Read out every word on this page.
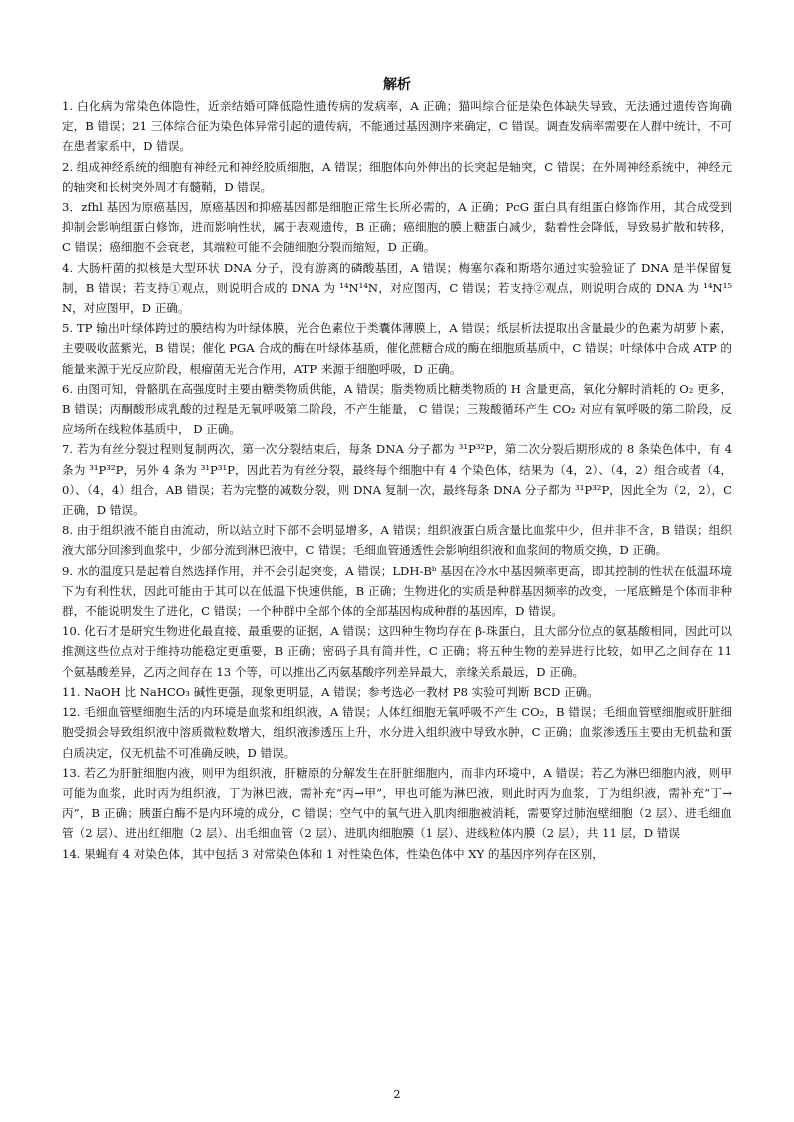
解析

1. 白化病为常染色体隐性，近亲结婚可降低隐性遗传病的发病率，A 正确；猫叫综合征是染色体缺失导致，无法通过遗传咨询确定，B 错误；21 三体综合征为染色体异常引起的遗传病，不能通过基因测序来确定，C 错误。调查发病率需要在人群中统计，不可在患者家系中，D 错误。

2. 组成神经系统的细胞有神经元和神经胶质细胞，A 错误；细胞体向外伸出的长突起是轴突，C 错误；在外周神经系统中，神经元的轴突和长树突外周才有髓鞘，D 错误。

3．zfhl 基因为原癌基因，原癌基因和抑癌基因都是细胞正常生长所必需的，A 正确；PcG 蛋白具有组蛋白修饰作用，其合成受到抑制会影响组蛋白修饰，进而影响性状，属于表观遗传，B 正确；癌细胞的膜上糖蛋白减少，黏着性会降低，导致易扩散和转移，C 错误；癌细胞不会衰老，其端粒可能不会随细胞分裂而缩短，D 正确。

4. 大肠杆菌的拟核是大型环状 DNA 分子，没有游离的磷酸基团，A 错误；梅塞尔森和斯塔尔通过实验验证了 DNA 是半保留复制，B 错误；若支持①观点，则说明合成的 DNA 为 ¹⁴N¹⁴N，对应图丙，C 错误；若支持②观点，则说明合成的 DNA 为 ¹⁴N¹⁵N，对应图甲，D 正确。

5. TP 输出叶绿体跨过的膜结构为叶绿体膜，光合色素位于类囊体薄膜上，A 错误；纸层析法提取出含量最少的色素为胡萝卜素，主要吸收蓝紫光，B 错误；催化 PGA 合成的酶在叶绿体基质，催化蔗糖合成的酶在细胞质基质中，C 错误；叶绿体中合成 ATP 的能量来源于光反应阶段，根瘤菌无光合作用，ATP 来源于细胞呼吸，D 正确。

6. 由图可知，骨骼肌在高强度时主要由糖类物质供能，A 错误；脂类物质比糖类物质的 H 含量更高，氧化分解时消耗的 O₂ 更多，B 错误；丙酮酸形成乳酸的过程是无氧呼吸第二阶段，不产生能量， C 错误；三羧酸循环产生 CO₂ 对应有氧呼吸的第二阶段，反应场所在线粒体基质中， D 正确。

7. 若为有丝分裂过程则复制两次，第一次分裂结束后，每条 DNA 分子都为 ³¹P³²P，第二次分裂后期形成的 8 条染色体中，有 4 条为 ³¹P³²P，另外 4 条为 ³¹P³¹P，因此若为有丝分裂，最终每个细胞中有 4 个染色体，结果为（4，2）、（4，2）组合或者（4，0）、（4，4）组合，AB 错误；若为完整的减数分裂，则 DNA 复制一次，最终每条 DNA 分子都为 ³¹P³²P，因此全为（2，2），C 正确，D 错误。

8. 由于组织液不能自由流动，所以站立时下部不会明显增多，A 错误；组织液蛋白质含量比血浆中少，但并非不含，B 错误；组织液大部分回渗到血浆中，少部分流到淋巴液中，C 错误；毛细血管通透性会影响组织液和血浆间的物质交换，D 正确。

9. 水的温度只是起着自然选择作用，并不会引起突变，A 错误；LDH-Bᵇ 基因在冷水中基因频率更高，即其控制的性状在低温环境下为有利性状，因此可能由于其可以在低温下快速供能，B 正确；生物进化的实质是种群基因频率的改变，一尾底鳉是个体而非种群，不能说明发生了进化，C 错误；一个种群中全部个体的全部基因构成种群的基因库，D 错误。

10. 化石才是研究生物进化最直接、最重要的证据，A 错误；这四种生物均存在 β-珠蛋白，且大部分位点的氨基酸相同，因此可以推测这些位点对于维持功能稳定更重要，B 正确；密码子具有简并性，C 正确；将五种生物的差异进行比较，如甲乙之间存在 11 个氨基酸差异，乙丙之间存在 13 个等，可以推出乙丙氨基酸序列差异最大，亲缘关系最远，D 正确。

11. NaOH 比 NaHCO₃ 碱性更强，现象更明显，A 错误；参考选必一教材 P8 实验可判断 BCD 正确。

12. 毛细血管壁细胞生活的内环境是血浆和组织液，A 错误；人体红细胞无氧呼吸不产生 CO₂，B 错误；毛细血管壁细胞或肝脏细胞受损会导致组织液中溶质微粒数增大，组织液渗透压上升，水分进入组织液中导致水肿，C 正确；血浆渗透压主要由无机盐和蛋白质决定，仅无机盐不可准确反映，D 错误。

13. 若乙为肝脏细胞内液，则甲为组织液，肝糖原的分解发生在肝脏细胞内，而非内环境中，A 错误；若乙为淋巴细胞内液，则甲可能为血浆，此时丙为组织液，丁为淋巴液，需补充“丙→甲”，甲也可能为淋巴液，则此时丙为血浆，丁为组织液，需补充“丁→丙”，B 正确；胰蛋白酶不是内环境的成分，C 错误；空气中的氧气进入肌肉细胞被消耗，需要穿过肺泡壁细胞（2 层）、进毛细血管（2 层）、进出红细胞（2 层）、出毛细血管（2 层）、进肌肉细胞膜（1 层）、进线粒体内膜（2 层），共 11 层，D 错误

14. 果蝇有 4 对染色体，其中包括 3 对常染色体和 1 对性染色体，性染色体中 XY 的基因序列存在区别，

2
